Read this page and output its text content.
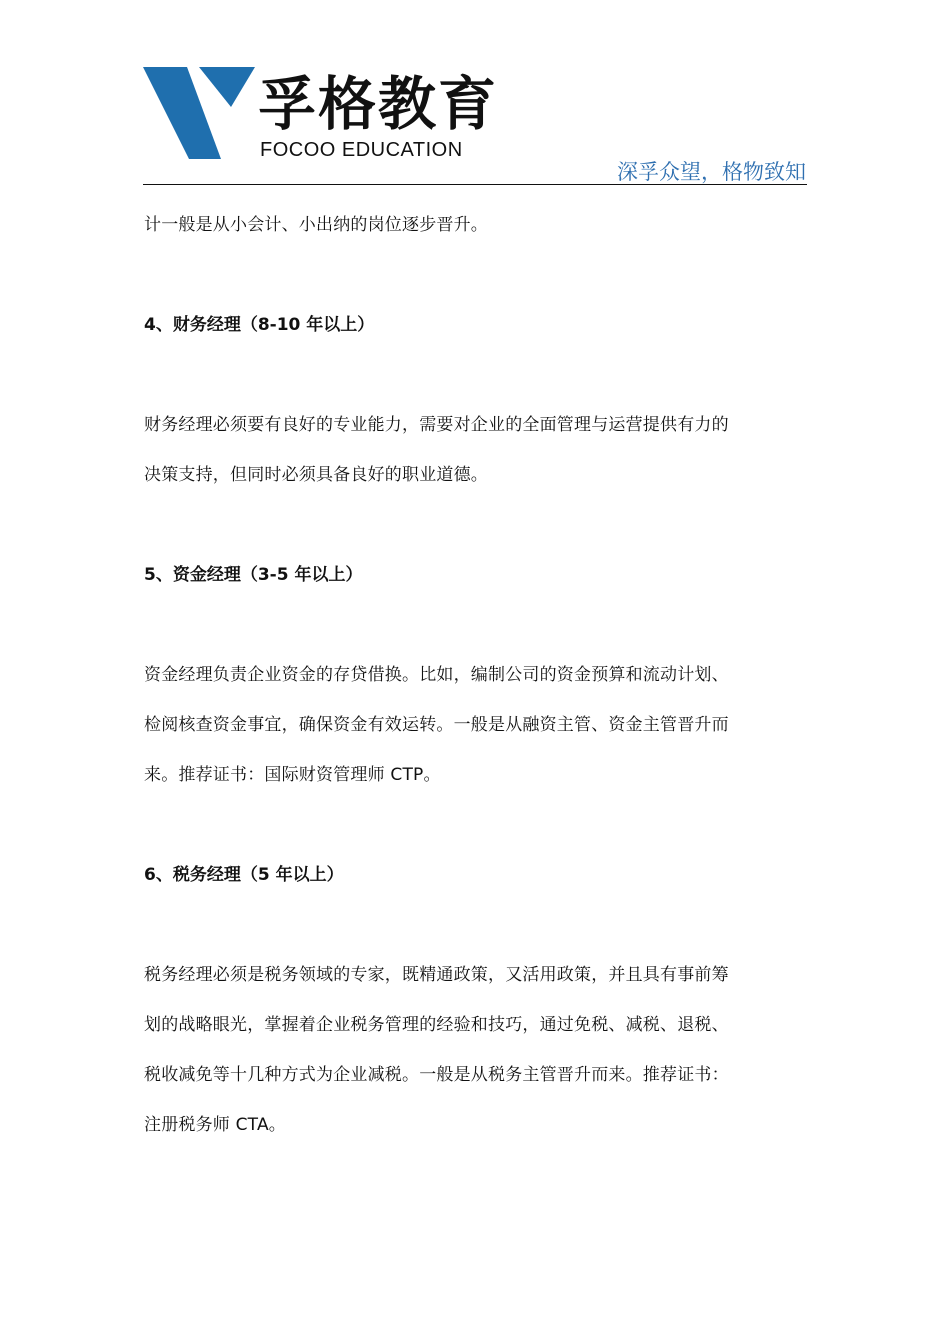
孚格教育
FOCOO EDUCATION
深孚众望，格物致知

计一般是从小会计、小出纳的岗位逐步晋升。

4、财务经理（8-10 年以上）

财务经理必须要有良好的专业能力，需要对企业的全面管理与运营提供有力的

决策支持，但同时必须具备良好的职业道德。

5、资金经理（3-5 年以上）

资金经理负责企业资金的存贷借换。比如，编制公司的资金预算和流动计划、

检阅核查资金事宜，确保资金有效运转。一般是从融资主管、资金主管晋升而

来。推荐证书：国际财资管理师 CTP。

6、税务经理（5 年以上）

税务经理必须是税务领域的专家，既精通政策，又活用政策，并且具有事前筹

划的战略眼光，掌握着企业税务管理的经验和技巧，通过免税、减税、退税、

税收减免等十几种方式为企业减税。一般是从税务主管晋升而来。推荐证书：

注册税务师 CTA。
